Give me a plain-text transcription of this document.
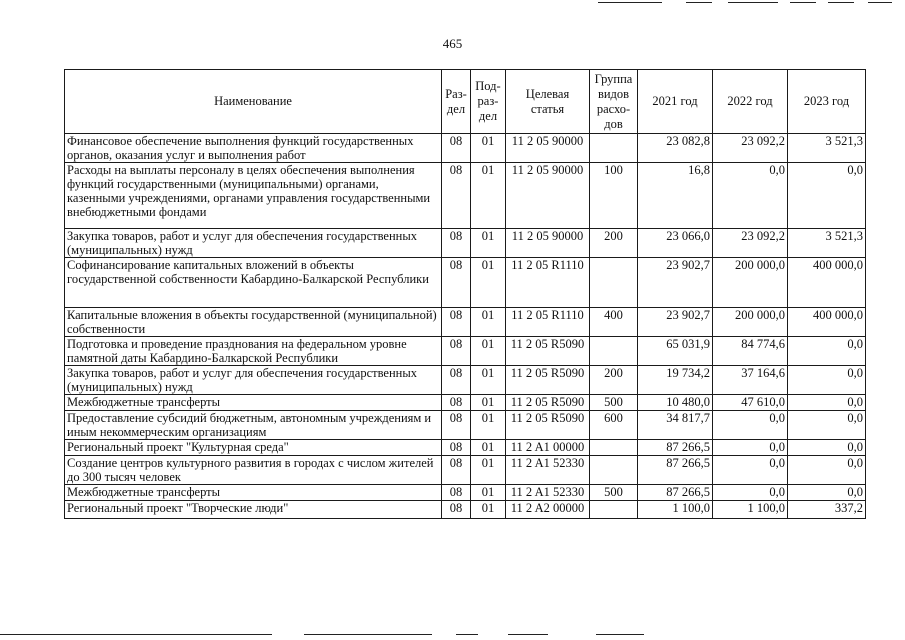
465
Наименование	Раз-дел	Под-раз-дел	Целевая статья	Группа видов расхо-дов	2021 год	2022 год	2023 год
Финансовое обеспечение выполнения функций государственных органов, оказания услуг и выполнения работ	08	01	11 2 05 90000		23 082,8	23 092,2	3 521,3
Расходы на выплаты персоналу в целях обеспечения выполнения функций государственными (муниципальными) органами, казенными учреждениями, органами управления государственными внебюджетными фондами	08	01	11 2 05 90000	100	16,8	0,0	0,0
Закупка товаров, работ и услуг для обеспечения государственных (муниципальных) нужд	08	01	11 2 05 90000	200	23 066,0	23 092,2	3 521,3
Софинансирование капитальных вложений в объекты государственной собственности Кабардино-Балкарской Республики	08	01	11 2 05 R1110		23 902,7	200 000,0	400 000,0
Капитальные вложения в объекты государственной (муниципальной) собственности	08	01	11 2 05 R1110	400	23 902,7	200 000,0	400 000,0
Подготовка и проведение празднования на федеральном уровне памятной даты Кабардино-Балкарской Республики	08	01	11 2 05 R5090		65 031,9	84 774,6	0,0
Закупка товаров, работ и услуг для обеспечения государственных (муниципальных) нужд	08	01	11 2 05 R5090	200	19 734,2	37 164,6	0,0
Межбюджетные трансферты	08	01	11 2 05 R5090	500	10 480,0	47 610,0	0,0
Предоставление субсидий бюджетным, автономным учреждениям и иным некоммерческим организациям	08	01	11 2 05 R5090	600	34 817,7	0,0	0,0
Региональный проект "Культурная среда"	08	01	11 2 A1 00000		87 266,5	0,0	0,0
Создание центров культурного развития в городах с числом жителей до 300 тысяч человек	08	01	11 2 A1 52330		87 266,5	0,0	0,0
Межбюджетные трансферты	08	01	11 2 A1 52330	500	87 266,5	0,0	0,0
Региональный проект "Творческие люди"	08	01	11 2 A2 00000		1 100,0	1 100,0	337,2
